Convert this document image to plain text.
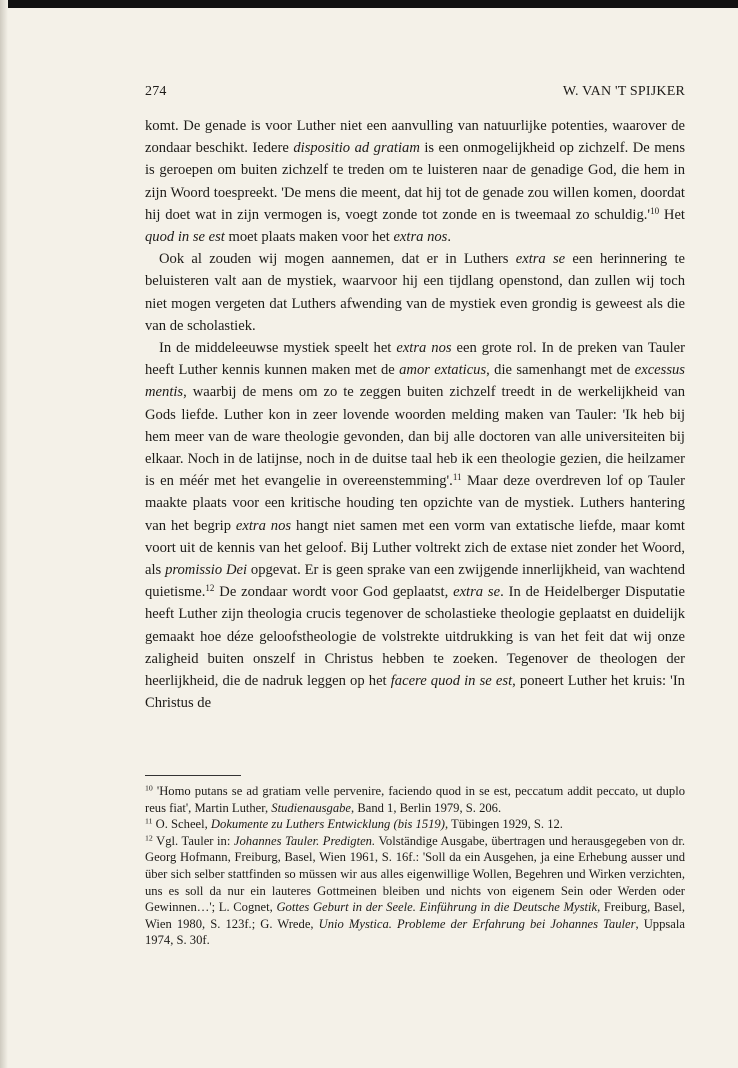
274	W. VAN 'T SPIJKER

komt. De genade is voor Luther niet een aanvulling van natuurlijke potenties, waarover de zondaar beschikt. Iedere dispositio ad gratiam is een onmogelijkheid op zichzelf. De mens is geroepen om buiten zichzelf te treden om te luisteren naar de genadige God, die hem in zijn Woord toespreekt. 'De mens die meent, dat hij tot de genade zou willen komen, doordat hij doet wat in zijn vermogen is, voegt zonde tot zonde en is tweemaal zo $schuldig.'^{10}$ Het quod in se est moet plaats maken voor het extra nos.

Ook al zouden wij mogen aannemen, dat er in Luthers extra se een herinnering te beluisteren valt aan de mystiek, waarvoor hij een tijdlang openstond, dan zullen wij toch niet mogen vergeten dat Luthers afwending van de mystiek even grondig is geweest als die van de scholastiek.

In de middeleeuwse mystiek speelt het extra nos een grote rol. In de preken van Tauler heeft Luther kennis kunnen maken met de amor extaticus, die samenhangt met de excessus mentis, waarbij de mens om zo te zeggen buiten zichzelf treedt in de werkelijkheid van Gods liefde. Luther kon in zeer lovende woorden melding maken van Tauler: 'Ik heb bij hem meer van de ware theologie gevonden, dan bij alle doctoren van alle universiteiten bij elkaar. Noch in de latijnse, noch in de duitse taal heb ik een theologie gezien, die heilzamer is en méér met het evangelie in overeenstemming'.$^{11}$ Maar deze overdreven lof op Tauler maakte plaats voor een kritische houding ten opzichte van de mystiek. Luthers hantering van het begrip extra nos hangt niet samen met een vorm van extatische liefde, maar komt voort uit de kennis van het geloof. Bij Luther voltrekt zich de extase niet zonder het Woord, als promissio Dei opgevat. Er is geen sprake van een zwijgende innerlijkheid, van wachtend quietisme.$^{12}$ De zondaar wordt voor God geplaatst, extra se. In de Heidelberger Disputatie heeft Luther zijn theologia crucis tegenover de scholastieke theologie geplaatst en duidelijk gemaakt hoe déze geloofstheologie de volstrekte uitdrukking is van het feit dat wij onze zaligheid buiten onszelf in Christus hebben te zoeken. Tegenover de theologen der heerlijkheid, die de nadruk leggen op het facere quod in se est, poneert Luther het kruis: 'In Christus de

$^{10}$ 'Homo putans se ad gratiam velle pervenire, faciendo quod in se est, peccatum addit peccato, ut duplo reus fiat', Martin Luther, Studienausgabe, Band 1, Berlin 1979, S. 206.

$^{11}$ O. Scheel, Dokumente zu Luthers Entwicklung (bis 1519), Tübingen 1929, S. 12.

$^{12}$ Vgl. Tauler in: Johannes Tauler. Predigten. Volständige Ausgabe, übertragen und herausgegeben von dr. Georg Hofmann, Freiburg, Basel, Wien 1961, S. 16f.: 'Soll da ein Ausgehen, ja eine Erhebung ausser und über sich selber stattfinden so müssen wir aus alles eigenwillige Wollen, Begehren und Wirken verzichten, uns es soll da nur ein lauteres Gottmeinen bleiben und nichts von eigenem Sein oder Werden oder Gewinnen…'; L. Cognet, Gottes Geburt in der Seele. Einführung in die Deutsche Mystik, Freiburg, Basel, Wien 1980, S. 123f.; G. Wrede, Unio Mystica. Probleme der Erfahrung bei Johannes Tauler, Uppsala 1974, S. 30f.
